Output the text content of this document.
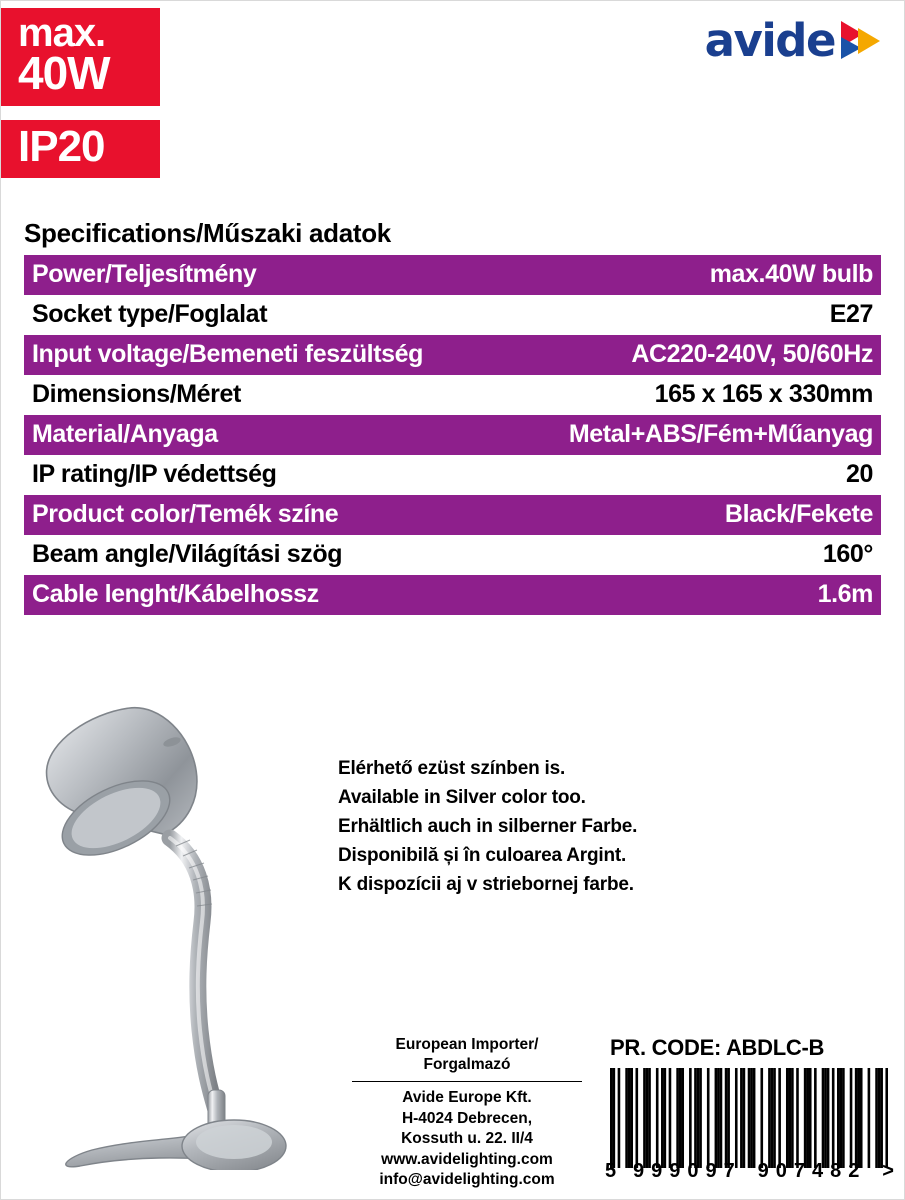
max.
40W
IP20
avide
Specifications/Műszaki adatok
Power/Teljesítmény	max.40W bulb
Socket type/Foglalat	E27
Input voltage/Bemeneti feszültség	AC220-240V, 50/60Hz
Dimensions/Méret	165 x 165 x 330mm
Material/Anyaga	Metal+ABS/Fém+Műanyag
IP rating/IP védettség	20
Product color/Temék színe	Black/Fekete
Beam angle/Világítási szög	160°
Cable lenght/Kábelhossz	1.6m
Elérhető ezüst színben is.
Available in Silver color too.
Erhältlich auch in silberner Farbe.
Disponibilă și în culoarea Argint.
K dispozícii aj v striebornej farbe.
European Importer/
Forgalmazó
Avide Europe Kft.
H-4024 Debrecen,
Kossuth u. 22. II/4
www.avidelighting.com
info@avidelighting.com
PR. CODE: ABDLC-B
5 999097 907482 >
